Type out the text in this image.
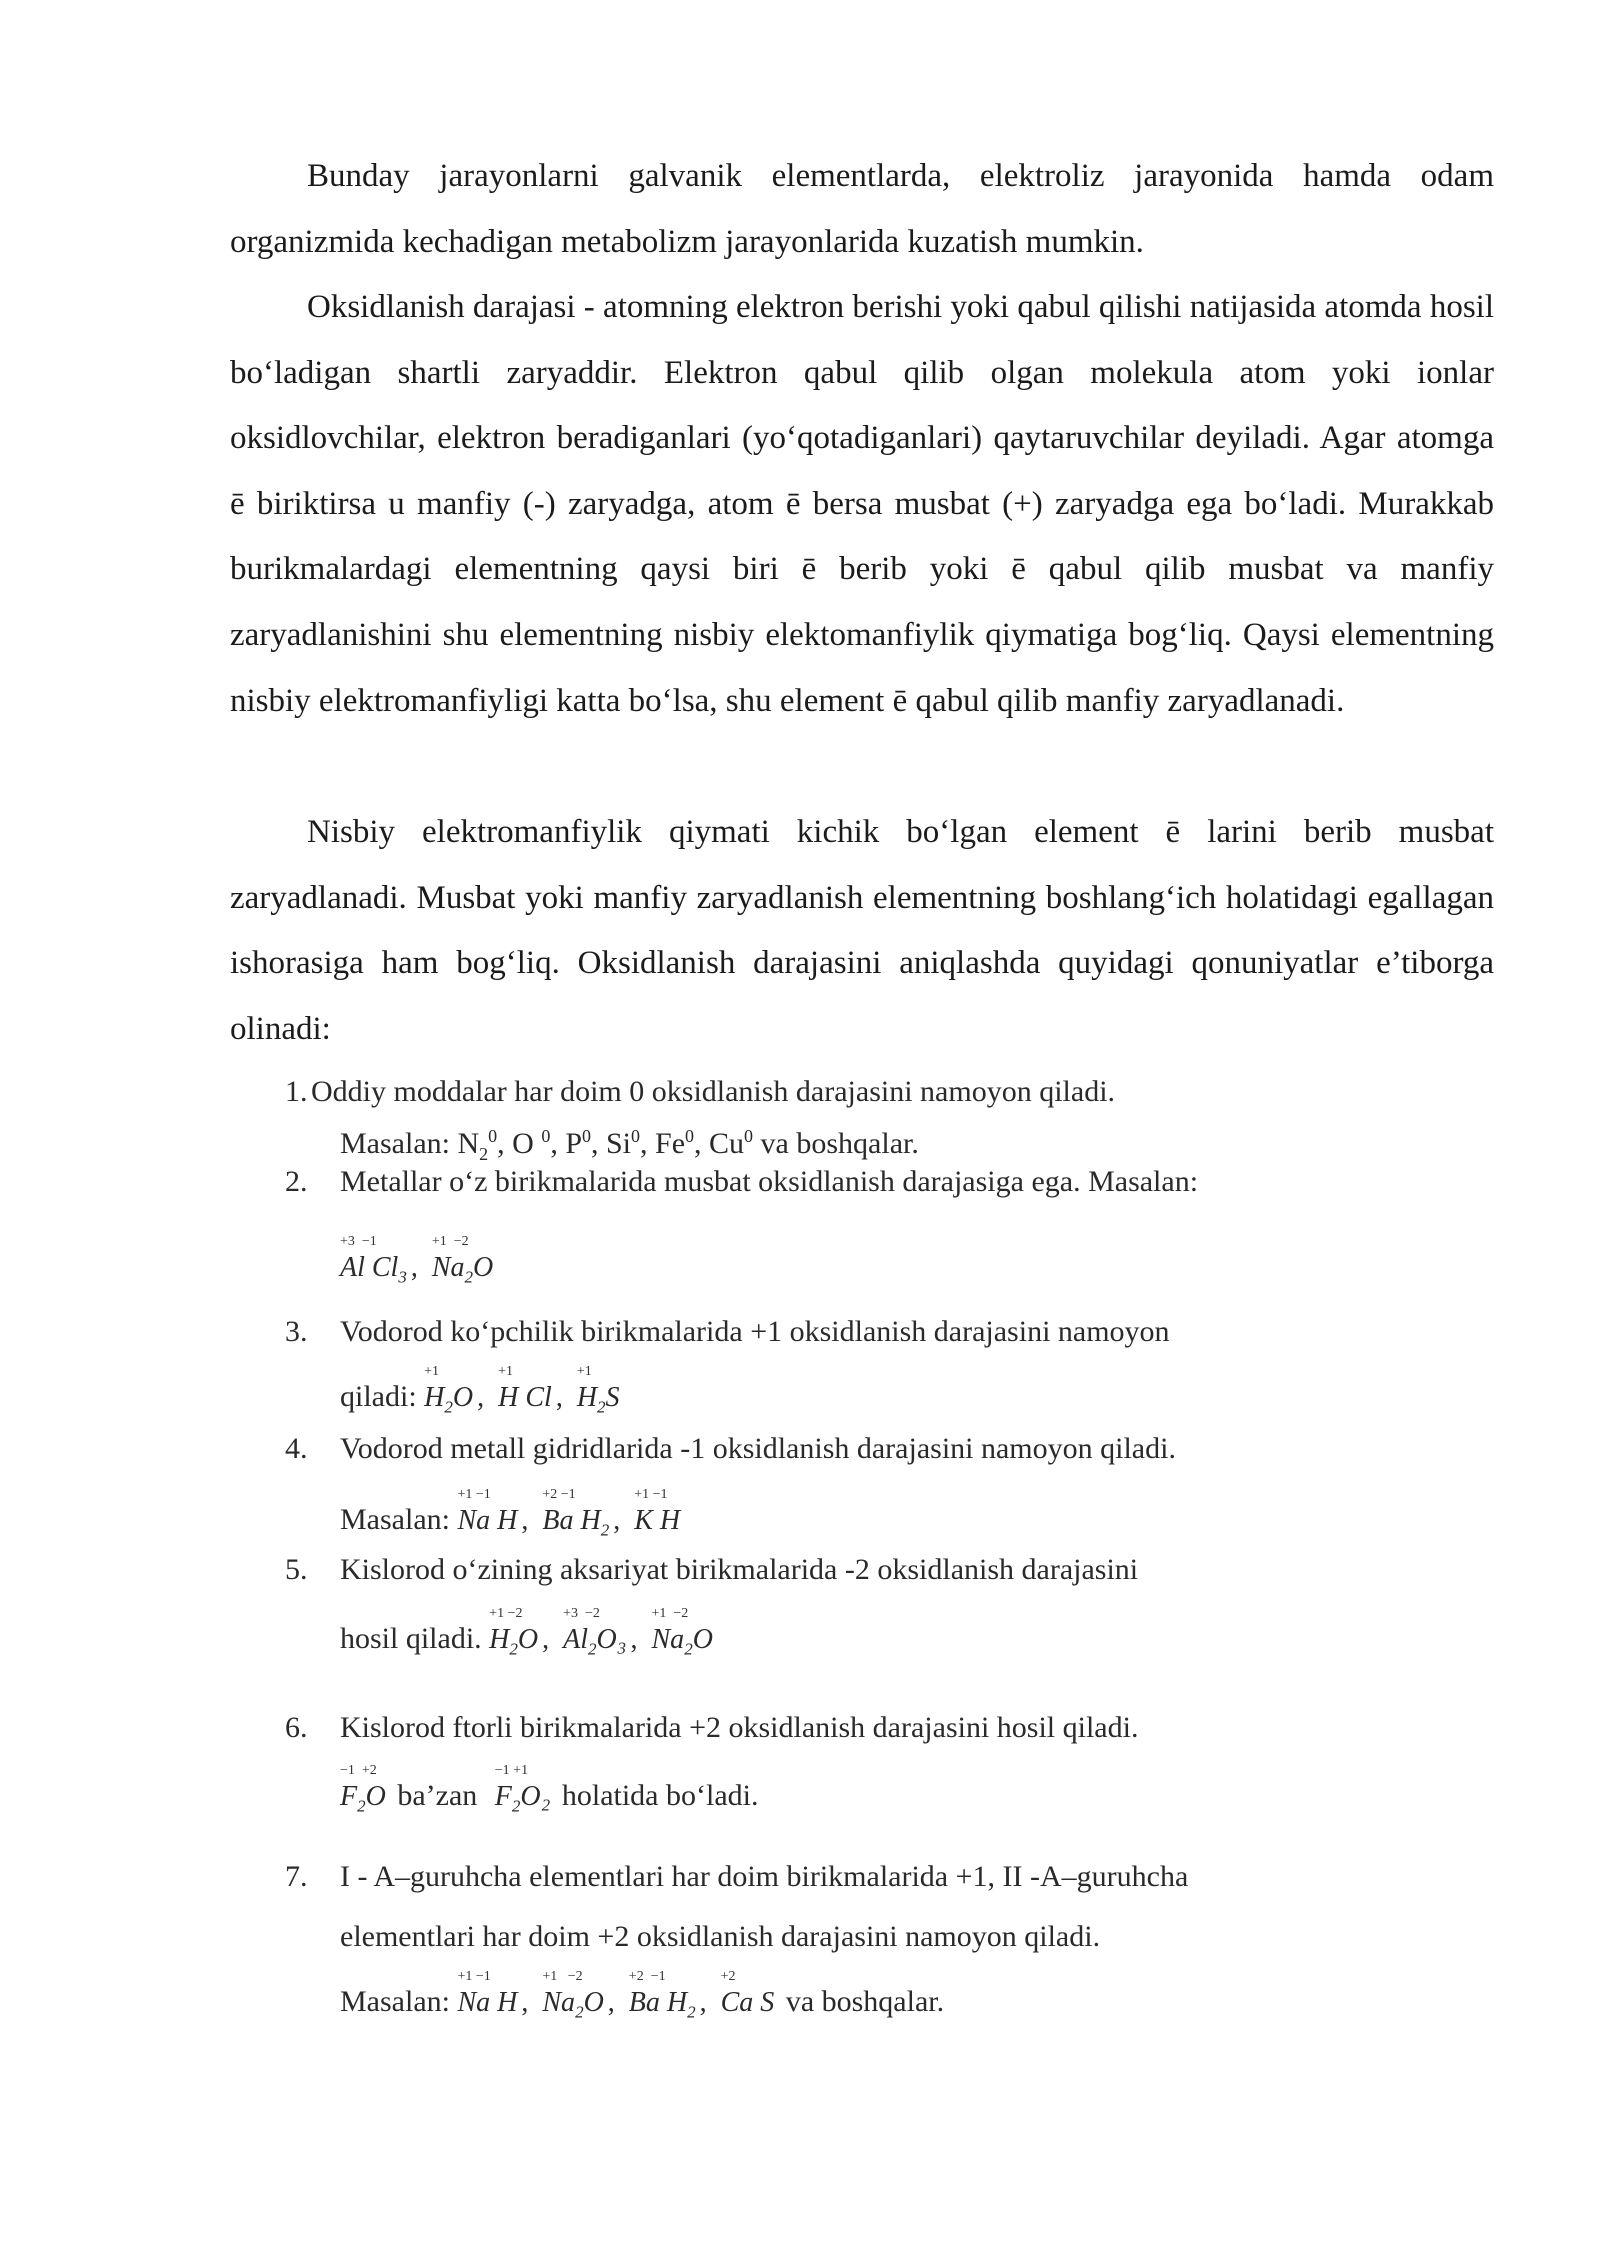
Bunday jarayonlarni galvanik elementlarda, elektroliz jarayonida hamda odam organizmida kechadigan metabolizm jarayonlarida kuzatish mumkin.

Oksidlanish darajasi - atomning elektron berishi yoki qabul qilishi natijasida atomda hosil bo‘ladigan shartli zaryaddir. Elektron qabul qilib olgan molekula atom yoki ionlar oksidlovchilar, elektron beradiganlari (yo‘qotadiganlari) qaytaruvchilar deyiladi. Agar atomga ē biriktirsa u manfiy (-) zaryadga, atom ē bersa musbat (+) zaryadga ega bo‘ladi. Murakkab burikmalardagi elementning qaysi biri ē berib yoki ē qabul qilib musbat va manfiy zaryadlanishini shu elementning nisbiy elektomanfiylik qiymatiga bog‘liq. Qaysi elementning nisbiy elektromanfiyligi katta bo‘lsa, shu element ē qabul qilib manfiy zaryadlanadi.

Nisbiy elektromanfiylik qiymati kichik bo‘lgan element ē larini berib musbat zaryadlanadi. Musbat yoki manfiy zaryadlanish elementning boshlang‘ich holatidagi egallagan ishorasiga ham bog‘liq. Oksidlanish darajasini aniqlashda quyidagi qonuniyatlar e’tiborga olinadi:

1. Oddiy moddalar har doim 0 oksidlanish darajasini namoyon qiladi.
Masalan: $N_2^0$, O $^0$, $P^0$, Si$^0$, Fe$^0$, Cu$^0$ va boshqalar.
2.	Metallar o‘z birikmalarida musbat oksidlanish darajasiga ega. Masalan:
+3  −1
Al $Cl_3$ ,
+1  −2
$Na_2O$
3.	Vodorod ko‘pchilik birikmalarida +1 oksidlanish darajasini namoyon
qiladi:
+1
$H_2O$ ,
+1
H Cl ,
+1
$H_2S$
4.	Vodorod metall gidridlarida -1 oksidlanish darajasini namoyon qiladi.
Masalan:
+1 −1
Na H ,
+2 −1
Ba $H_2$ ,
+1 −1
K H
5.	Kislorod o‘zining aksariyat birikmalarida -2 oksidlanish darajasini
hosil qiladi.
+1 −2
$H_2O$ ,
+3  −2
$Al_2O_3$ ,
+1  −2
$Na_2O$
6.	Kislorod ftorli birikmalarida +2 oksidlanish darajasini hosil qiladi.
−1  +2
$F_2O$ ba’zan
−1 +1
$F_2O_2$ holatida bo‘ladi.
7.	I - A–guruhcha elementlari har doim birikmalarida +1, II -A–guruhcha
elementlari har doim +2 oksidlanish darajasini namoyon qiladi.
Masalan:
+1 −1
Na H ,
+1   −2
$Na_2O$ ,
+2  −1
Ba $H_2$ ,
+2
Ca S va boshqalar.
